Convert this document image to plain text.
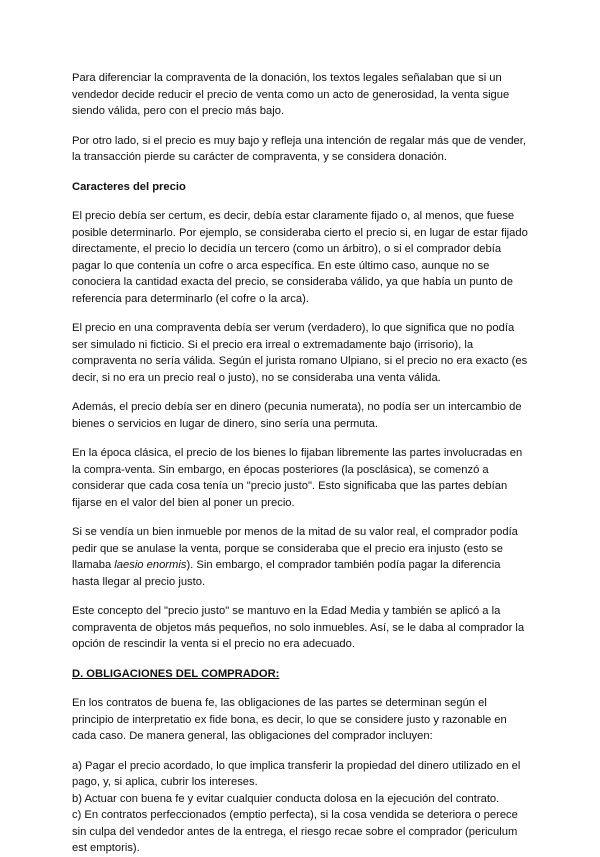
Para diferenciar la compraventa de la donación, los textos legales señalaban que si un vendedor decide reducir el precio de venta como un acto de generosidad, la venta sigue siendo válida, pero con el precio más bajo.

Por otro lado, si el precio es muy bajo y refleja una intención de regalar más que de vender, la transacción pierde su carácter de compraventa, y se considera donación.

Caracteres del precio

El precio debía ser certum, es decir, debía estar claramente fijado o, al menos, que fuese posible determinarlo. Por ejemplo, se consideraba cierto el precio si, en lugar de estar fijado directamente, el precio lo decidía un tercero (como un árbitro), o si el comprador debía pagar lo que contenía un cofre o arca específica. En este último caso, aunque no se conociera la cantidad exacta del precio, se consideraba válido, ya que había un punto de referencia para determinarlo (el cofre o la arca).

El precio en una compraventa debía ser verum (verdadero), lo que significa que no podía ser simulado ni ficticio. Si el precio era irreal o extremadamente bajo (irrisorio), la compraventa no sería válida. Según el jurista romano Ulpiano, si el precio no era exacto (es decir, si no era un precio real o justo), no se consideraba una venta válida.

Además, el precio debía ser en dinero (pecunia numerata), no podía ser un intercambio de bienes o servicios en lugar de dinero, sino sería una permuta.

En la época clásica, el precio de los bienes lo fijaban libremente las partes involucradas en la compra-venta. Sin embargo, en épocas posteriores (la posclásica), se comenzó a considerar que cada cosa tenía un "precio justo". Esto significaba que las partes debían fijarse en el valor del bien al poner un precio.

Si se vendía un bien inmueble por menos de la mitad de su valor real, el comprador podía pedir que se anulase la venta, porque se consideraba que el precio era injusto (esto se llamaba laesio enormis). Sin embargo, el comprador también podía pagar la diferencia hasta llegar al precio justo.

Este concepto del "precio justo" se mantuvo en la Edad Media y también se aplicó a la compraventa de objetos más pequeños, no solo inmuebles. Así, se le daba al comprador la opción de rescindir la venta si el precio no era adecuado.

D. OBLIGACIONES DEL COMPRADOR:

En los contratos de buena fe, las obligaciones de las partes se determinan según el principio de interpretatio ex fide bona, es decir, lo que se considere justo y razonable en cada caso. De manera general, las obligaciones del comprador incluyen:

a) Pagar el precio acordado, lo que implica transferir la propiedad del dinero utilizado en el pago, y, si aplica, cubrir los intereses.

b) Actuar con buena fe y evitar cualquier conducta dolosa en la ejecución del contrato.

c) En contratos perfeccionados (emptio perfecta), si la cosa vendida se deteriora o perece sin culpa del vendedor antes de la entrega, el riesgo recae sobre el comprador (periculum est emptoris).
